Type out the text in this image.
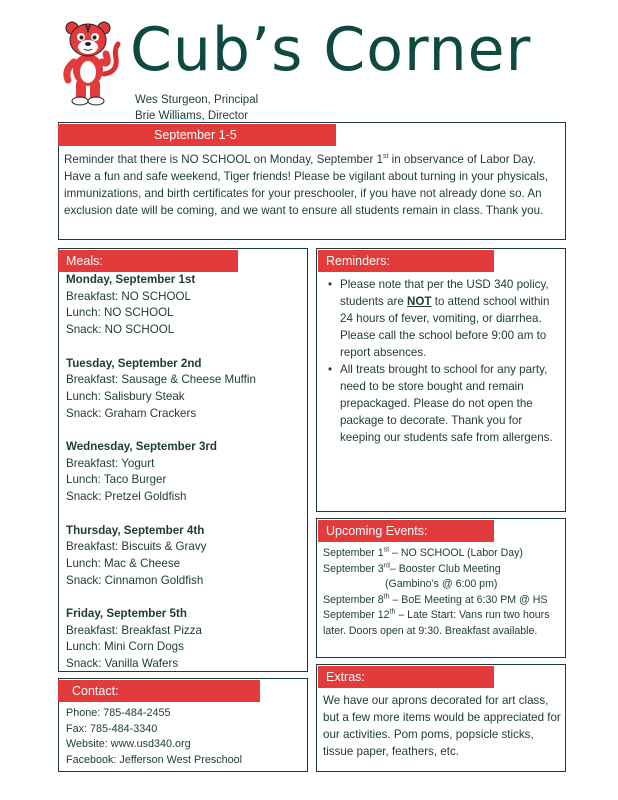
Cub’s Corner
Wes Sturgeon, Principal
Brie Williams, Director
September 1-5
Reminder that there is NO SCHOOL on Monday, September 1st in observance of Labor Day. Have a fun and safe weekend, Tiger friends! Please be vigilant about turning in your physicals, immunizations, and birth certificates for your preschooler, if you have not already done so. An exclusion date will be coming, and we want to ensure all students remain in class. Thank you.
Meals:
Monday, September 1st
Breakfast: NO SCHOOL
Lunch: NO SCHOOL
Snack: NO SCHOOL
Tuesday, September 2nd
Breakfast: Sausage & Cheese Muffin
Lunch: Salisbury Steak
Snack: Graham Crackers
Wednesday, September 3rd
Breakfast: Yogurt
Lunch: Taco Burger
Snack: Pretzel Goldfish
Thursday, September 4th
Breakfast: Biscuits & Gravy
Lunch: Mac & Cheese
Snack: Cinnamon Goldfish
Friday, September 5th
Breakfast: Breakfast Pizza
Lunch: Mini Corn Dogs
Snack: Vanilla Wafers
Reminders:
• Please note that per the USD 340 policy, students are NOT to attend school within 24 hours of fever, vomiting, or diarrhea. Please call the school before 9:00 am to report absences.
• All treats brought to school for any party, need to be store bought and remain prepackaged. Please do not open the package to decorate. Thank you for keeping our students safe from allergens.
Upcoming Events:
September 1st – NO SCHOOL (Labor Day)
September 3rd– Booster Club Meeting
(Gambino’s @ 6:00 pm)
September 8th – BoE Meeting at 6:30 PM @ HS
September 12th – Late Start: Vans run two hours later. Doors open at 9:30. Breakfast available.
Extras:
We have our aprons decorated for art class, but a few more items would be appreciated for our activities. Pom poms, popsicle sticks, tissue paper, feathers, etc.
Contact:
Phone: 785-484-2455
Fax: 785-484-3340
Website: www.usd340.org
Facebook: Jefferson West Preschool
